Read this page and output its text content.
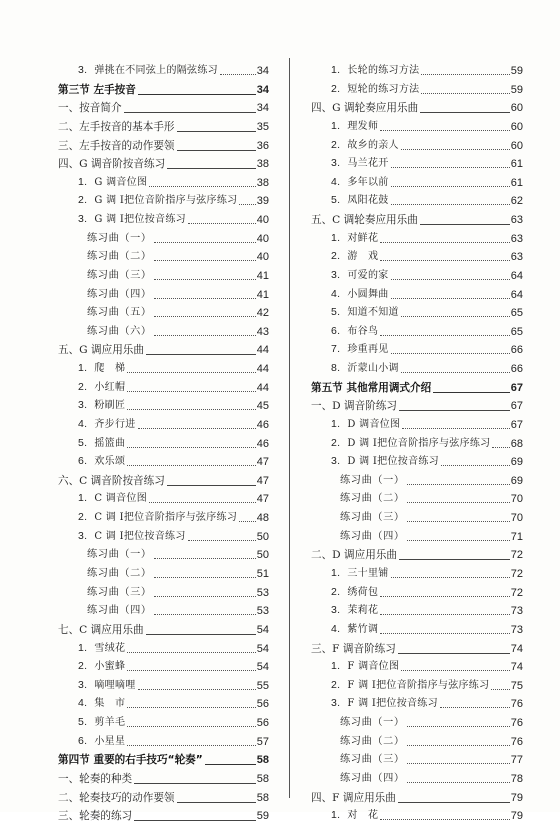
3. 弹挑在不同弦上的隔弦练习	34
第三节 左手按音	34
一、按音简介	34
二、左手按音的基本手形	35
三、左手按音的动作要领	36
四、G 调音阶按音练习	38
1. G 调音位图	38
2. G 调 Ⅰ把位音阶指序与弦序练习 39
3. G 调 Ⅰ把位按音练习	40
练习曲（一）	40
练习曲（二）	40
练习曲（三）	41
练习曲（四）	41
练习曲（五）	42
练习曲（六）	43
五、G 调应用乐曲	44
1. 爬　梯	44
2. 小红帽	44
3. 粉刷匠	45
4. 齐步行进	46
5. 摇篮曲	46
6. 欢乐颂	47
六、C 调音阶按音练习	47
1. C 调音位图	47
2. C 调 Ⅰ把位音阶指序与弦序练习 48
3. C 调 Ⅰ把位按音练习	50
练习曲（一）	50
练习曲（二）	51
练习曲（三）	53
练习曲（四）	53
七、C 调应用乐曲	54
1. 雪绒花	54
2. 小蜜蜂	54
3. 嘀哩嘀哩	55
4. 集　市	56
5. 剪羊毛	56
6. 小星星	57
第四节 重要的右手技巧“轮奏”	58
一、轮奏的种类	58
二、轮奏技巧的动作要领	58
三、轮奏的练习	59
1. 长轮的练习方法	59
2. 短轮的练习方法	59
四、G 调轮奏应用乐曲	60
1. 理发师	60
2. 故乡的亲人	60
3. 马兰花开	61
4. 多年以前	61
5. 凤阳花鼓	62
五、C 调轮奏应用乐曲	63
1. 对鲜花	63
2. 游　戏	63
3. 可爱的家	64
4. 小圆舞曲	64
5. 知道不知道	65
6. 布谷鸟	65
7. 珍重再见	66
8. 沂蒙山小调	66
第五节 其他常用调式介绍	67
一、D 调音阶练习	67
1. D 调音位图	67
2. D 调 Ⅰ把位音阶指序与弦序练习 68
3. D 调 Ⅰ把位按音练习	69
练习曲（一）	69
练习曲（二）	70
练习曲（三）	70
练习曲（四）	71
二、D 调应用乐曲	72
1. 三十里铺	72
2. 绣荷包	72
3. 茉莉花	73
4. 紫竹调	73
三、F 调音阶练习	74
1. F 调音位图	74
2. F 调 Ⅰ把位音阶指序与弦序练习 75
3. F 调 Ⅰ把位按音练习	76
练习曲（一）	76
练习曲（二）	76
练习曲（三）	77
练习曲（四）	78
四、F 调应用乐曲	79
1. 对　花	79
